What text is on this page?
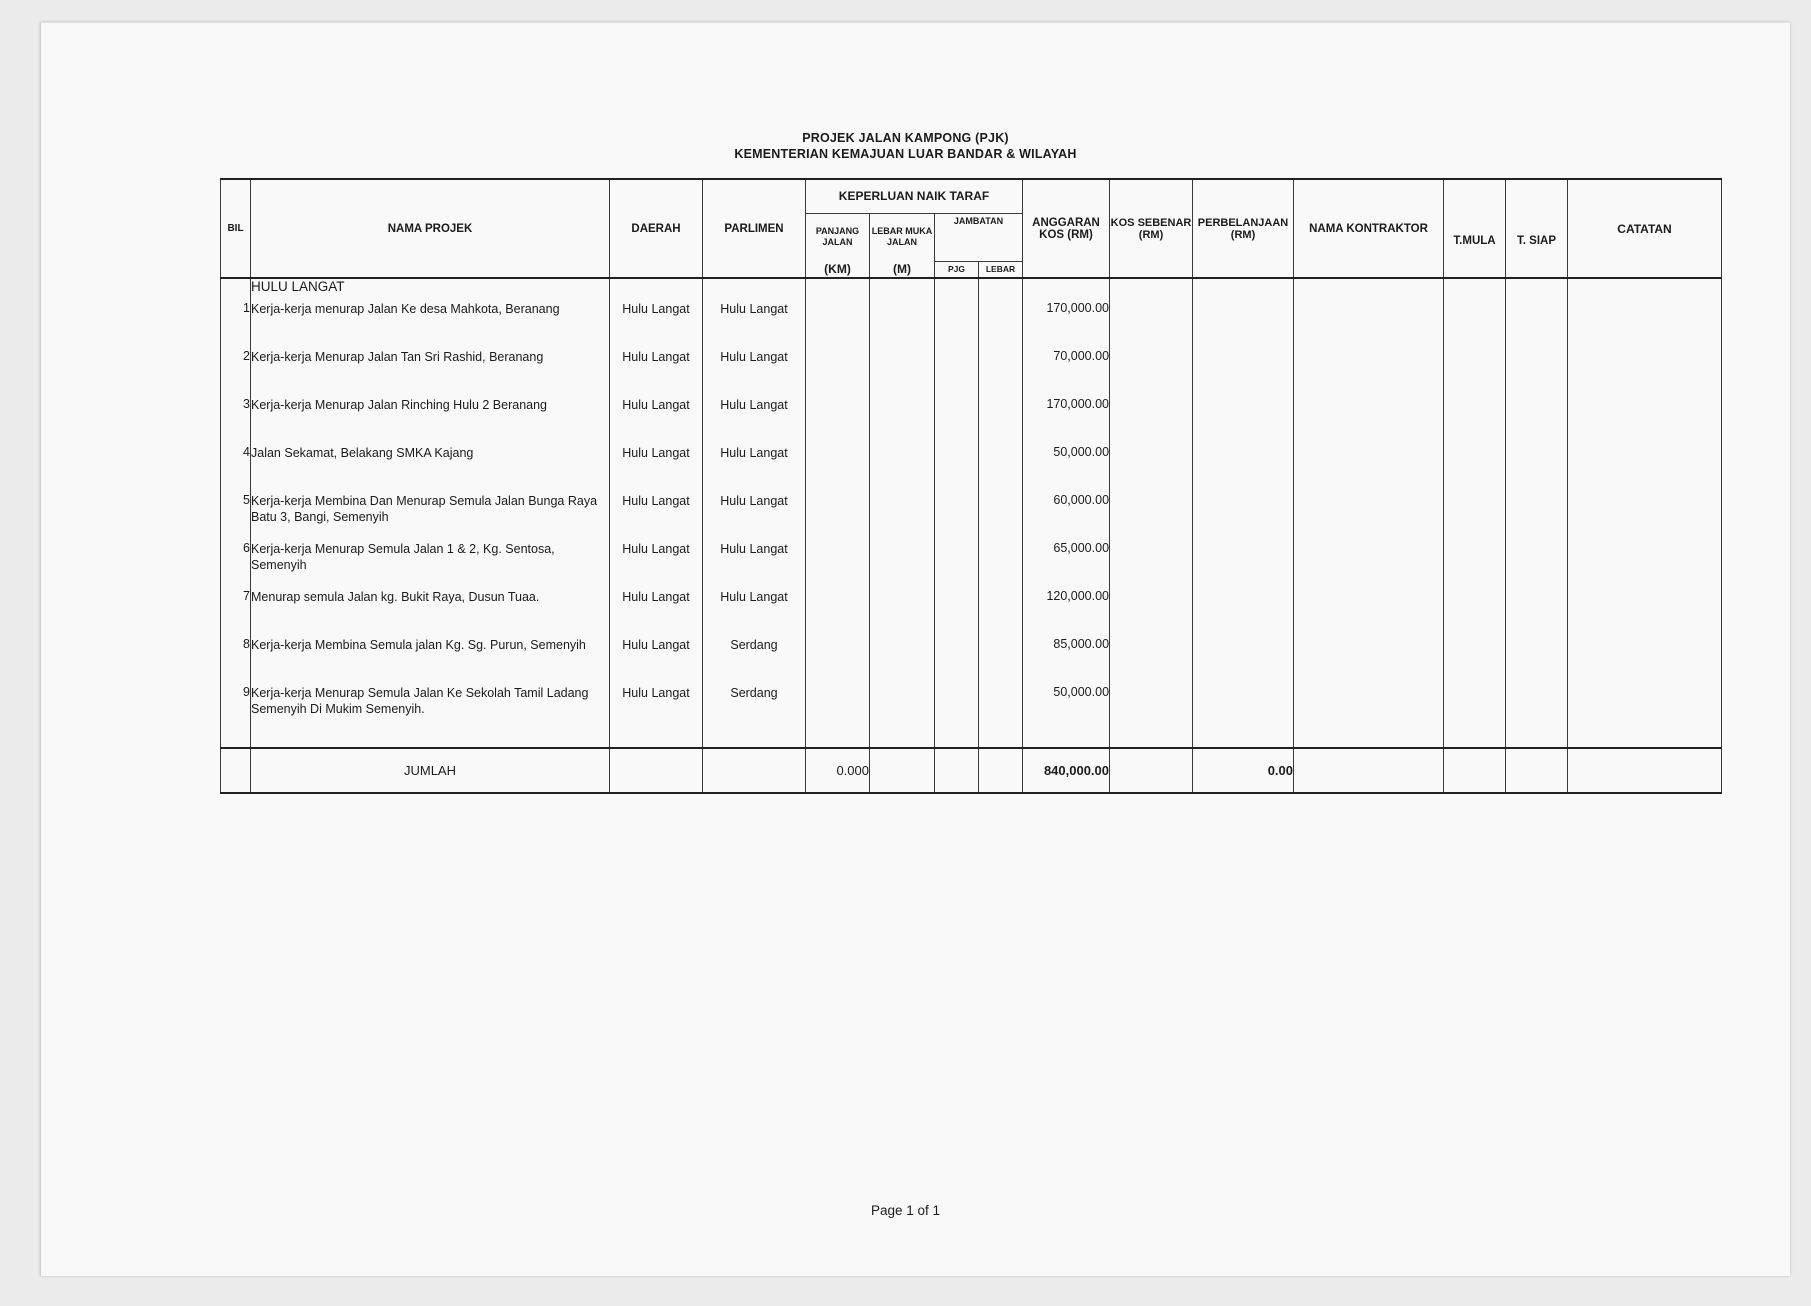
PROJEK JALAN KAMPONG (PJK)
KEMENTERIAN KEMAJUAN LUAR BANDAR & WILAYAH
BIL	NAMA PROJEK	DAERAH	PARLIMEN	KEPERLUAN NAIK TARAF				ANGGARAN KOS (RM)	KOS SEBENAR (RM)	PERBELANJAAN (RM)	NAMA KONTRAKTOR	T.MULA	T. SIAP	CATATAN
				PANJANG JALAN	LEBAR MUKA JALAN	JAMBATAN								
				(KM)	(M)	PJG	LEBAR							
	HULU LANGAT													
1	Kerja-kerja menurap Jalan Ke desa Mahkota, Beranang	Hulu Langat	Hulu Langat					170,000.00						
2	Kerja-kerja Menurap Jalan Tan Sri Rashid, Beranang	Hulu Langat	Hulu Langat					70,000.00						
3	Kerja-kerja Menurap Jalan Rinching Hulu 2 Beranang	Hulu Langat	Hulu Langat					170,000.00						
4	Jalan Sekamat, Belakang SMKA Kajang	Hulu Langat	Hulu Langat					50,000.00						
5	Kerja-kerja Membina Dan Menurap Semula Jalan Bunga Raya Batu 3, Bangi, Semenyih	Hulu Langat	Hulu Langat					60,000.00						
6	Kerja-kerja Menurap Semula Jalan 1 & 2, Kg. Sentosa, Semenyih	Hulu Langat	Hulu Langat					65,000.00						
7	Menurap semula Jalan kg. Bukit Raya, Dusun Tuaa.	Hulu Langat	Hulu Langat					120,000.00						
8	Kerja-kerja Membina Semula jalan Kg. Sg. Purun, Semenyih	Hulu Langat	Serdang					85,000.00						
9	Kerja-kerja Menurap Semula Jalan Ke Sekolah Tamil Ladang Semenyih Di Mukim Semenyih.	Hulu Langat	Serdang					50,000.00						

	JUMLAH			0.000				840,000.00		0.00				
Page 1 of 1
